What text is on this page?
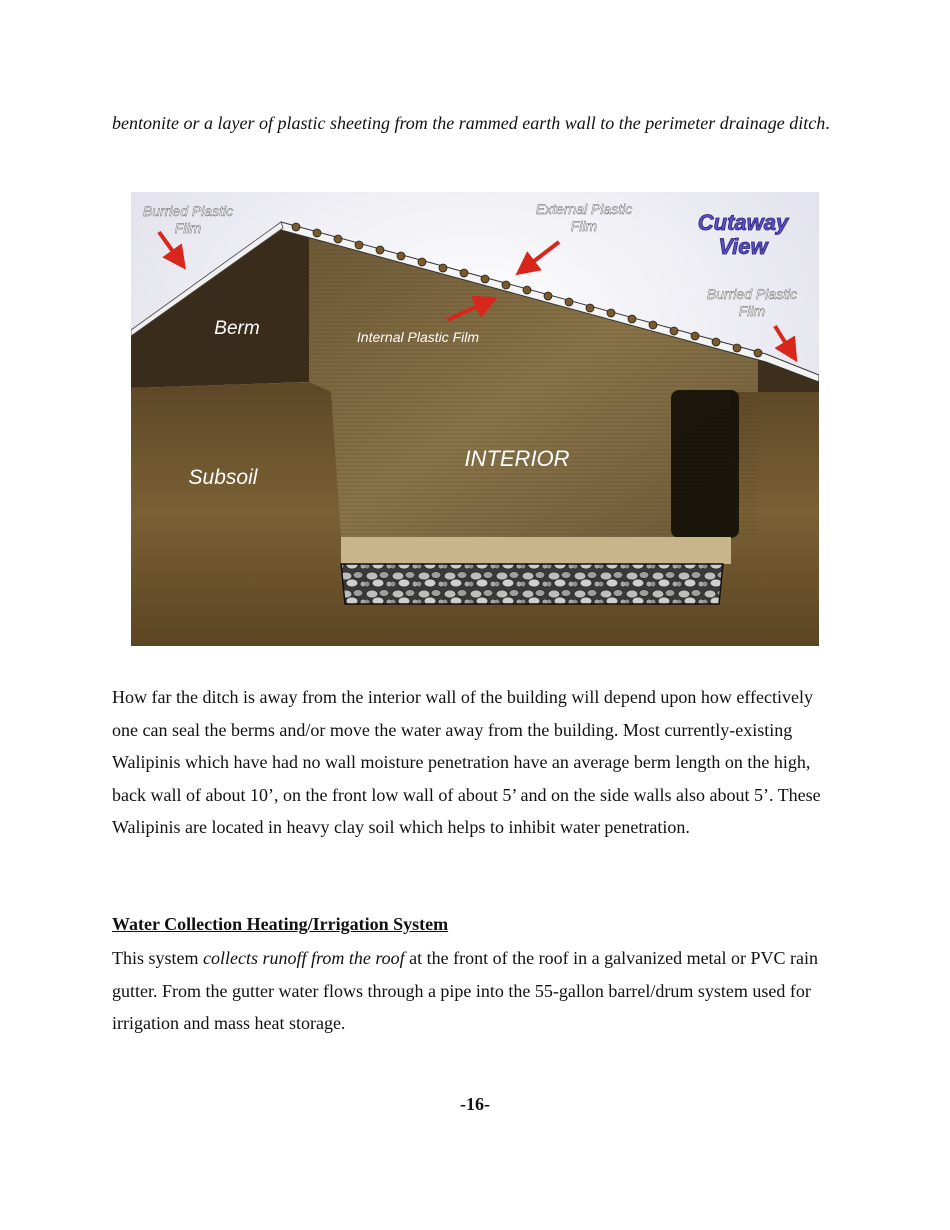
bentonite or a layer of plastic sheeting from the rammed earth wall to the perimeter drainage ditch.

Burried Plastic
Film
External Plastic
Film
Burried Plastic
Film
Internal Plastic Film
Berm
Subsoil
INTERIOR
Cutaway
View

How far the ditch is away from the interior wall of the building will depend upon how effectively one can seal the berms and/or move the water away from the building. Most currently-existing Walipinis which have had no wall moisture penetration have an average berm length on the high, back wall of about 10’, on the front low wall of about 5’ and on the side walls also about 5’. These Walipinis are located in heavy clay soil which helps to inhibit water penetration.

Water Collection Heating/Irrigation System

This system collects runoff from the roof at the front of the roof in a galvanized metal or PVC rain gutter. From the gutter water flows through a pipe into the 55-gallon barrel/drum system used for irrigation and mass heat storage.

-16-
